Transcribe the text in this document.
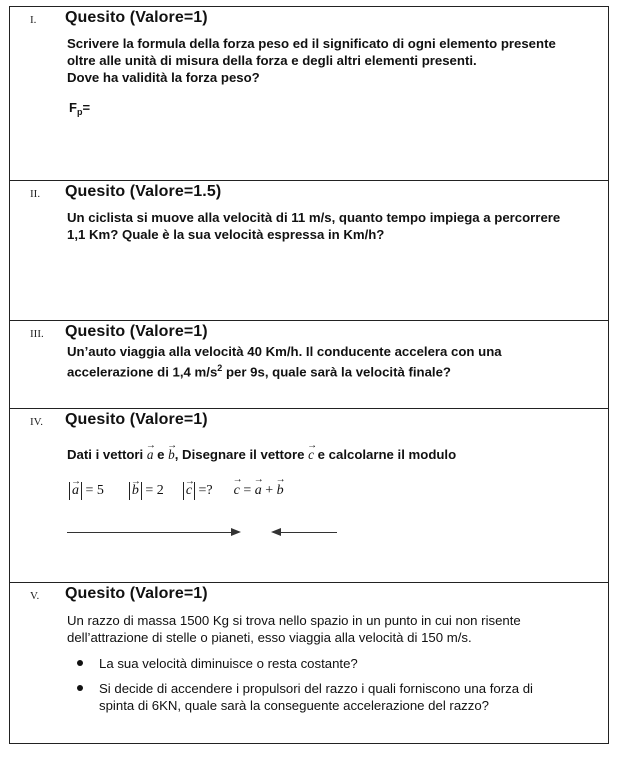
I. Quesito (Valore=1)
Scrivere la formula della forza peso ed il significato di ogni elemento presente
oltre alle unità di misura della forza e degli altri elementi presenti.
Dove ha validità la forza peso?
$F_p=$
II. Quesito (Valore=1.5)
Un ciclista si muove alla velocità di 11 m/s, quanto tempo impiega a percorrere
1,1 Km? Quale è la sua velocità espressa in Km/h?
III. Quesito (Valore=1)
Un’auto viaggia alla velocità 40 Km/h. Il conducente accelera con una
accelerazione di 1,4 $m/s^2$ per 9s, quale sarà la velocità finale?
IV. Quesito (Valore=1)
Dati i vettori → a e → b, Disegnare il vettore → c e calcolarne il modulo
→ a = 5 → b = 2 → c =? → c = → a + → b
V. Quesito (Valore=1)
Un razzo di massa 1500 Kg si trova nello spazio in un punto in cui non risente
dell’attrazione di stelle o pianeti, esso viaggia alla velocità di 150 m/s.
La sua velocità diminuisce o resta costante?
Si decide di accendere i propulsori del razzo i quali forniscono una forza di
spinta di 6KN, quale sarà la conseguente accelerazione del razzo?
